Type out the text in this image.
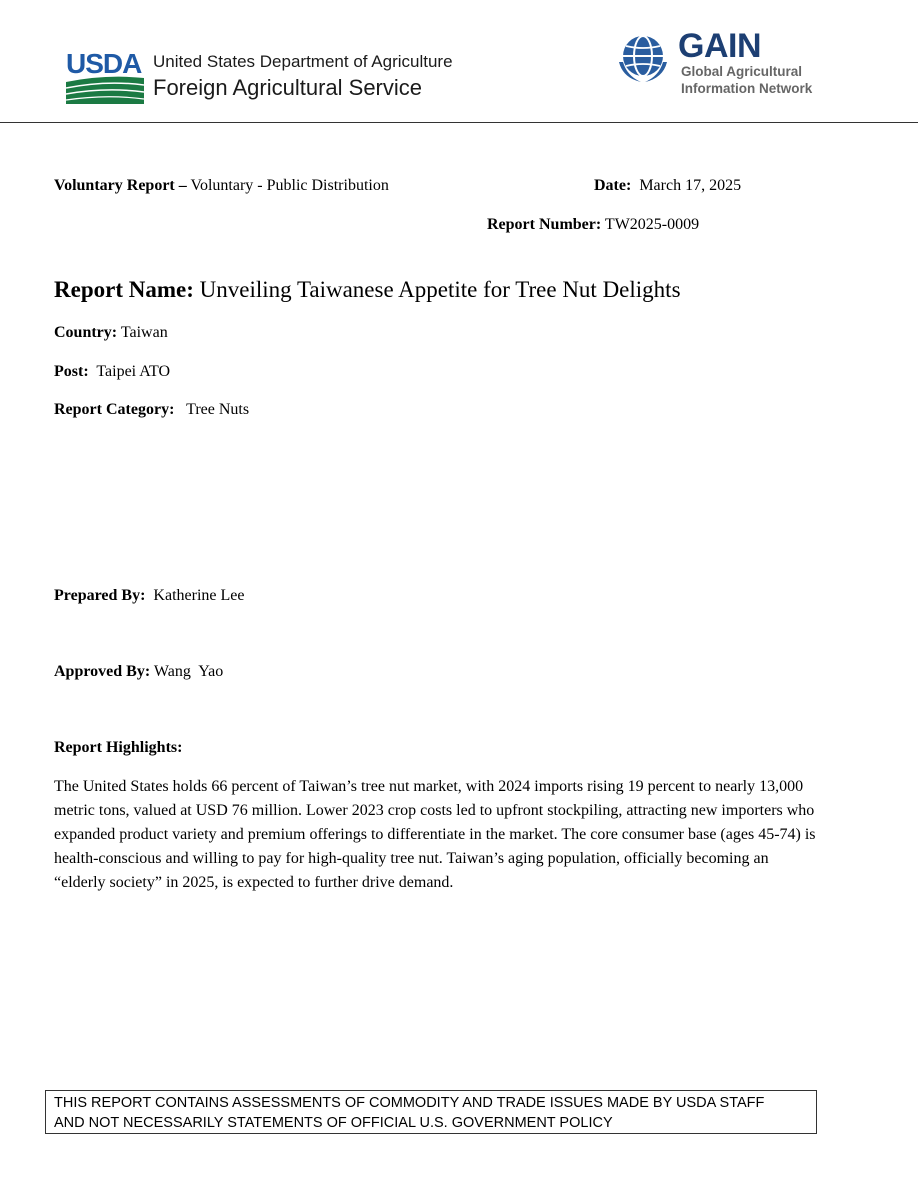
USDA United States Department of Agriculture
Foreign Agricultural Service
GAIN
Global Agricultural
Information Network
Voluntary Report – Voluntary - Public Distribution	Date: March 17, 2025
Report Number: TW2025-0009
Report Name: Unveiling Taiwanese Appetite for Tree Nut Delights
Country: Taiwan
Post: Taipei ATO
Report Category: Tree Nuts
Prepared By: Katherine Lee
Approved By: Wang  Yao
Report Highlights:
The United States holds 66 percent of Taiwan’s tree nut market, with 2024 imports rising 19 percent to nearly 13,000 metric tons, valued at USD 76 million. Lower 2023 crop costs led to upfront stockpiling, attracting new importers who expanded product variety and premium offerings to differentiate in the market. The core consumer base (ages 45-74) is health-conscious and willing to pay for high-quality tree nut. Taiwan’s aging population, officially becoming an “elderly society” in 2025, is expected to further drive demand.
THIS REPORT CONTAINS ASSESSMENTS OF COMMODITY AND TRADE ISSUES MADE BY USDA STAFF
AND NOT NECESSARILY STATEMENTS OF OFFICIAL U.S. GOVERNMENT POLICY
